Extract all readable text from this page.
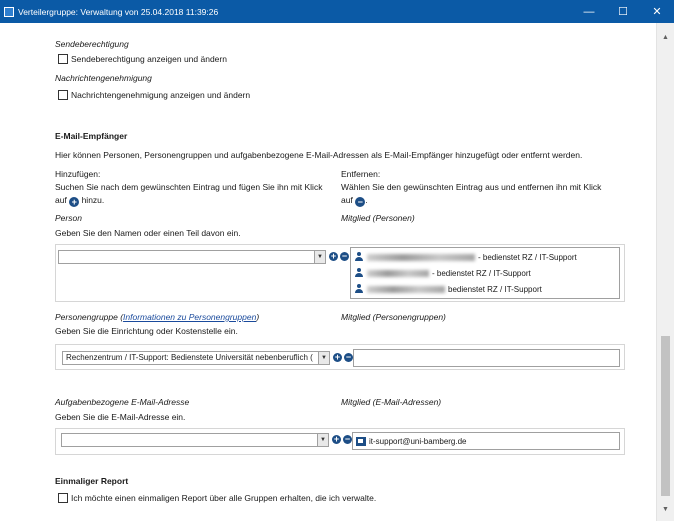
Verteilergruppe: Verwaltung von 25.04.2018 11:39:26	—	☐	✕
Sendeberechtigung
Sendeberechtigung anzeigen und ändern
Nachrichtengenehmigung
Nachrichtengenehmigung anzeigen und ändern
E-Mail-Empfänger
Hier können Personen, Personengruppen und aufgabenbezogene E-Mail-Adressen als E-Mail-Empfänger hinzugefügt oder entfernt werden.
Hinzufügen:
Suchen Sie nach dem gewünschten Eintrag und fügen Sie ihn mit Klick
auf + hinzu.
Entfernen:
Wählen Sie den gewünschten Eintrag aus und entfernen ihn mit Klick
auf − .
Person	Mitglied (Personen)
Geben Sie den Namen oder einen Teil davon ein.
▼ + −	- bedienstet RZ / IT-Support
- bedienstet RZ / IT-Support
bedienstet RZ / IT-Support
Personengruppe (Informationen zu Personengruppen)	Mitglied (Personengruppen)
Geben Sie die Einrichtung oder Kostenstelle ein.
Rechenzentrum / IT-Support: Bedienstete Universität nebenberuflich (	▼ + −
Aufgabenbezogene E-Mail-Adresse	Mitglied (E-Mail-Adressen)
Geben Sie die E-Mail-Adresse ein.
▼ + − it-support@uni-bamberg.de
Einmaliger Report
Ich möchte einen einmaligen Report über alle Gruppen erhalten, die ich verwalte.
▲
▼
